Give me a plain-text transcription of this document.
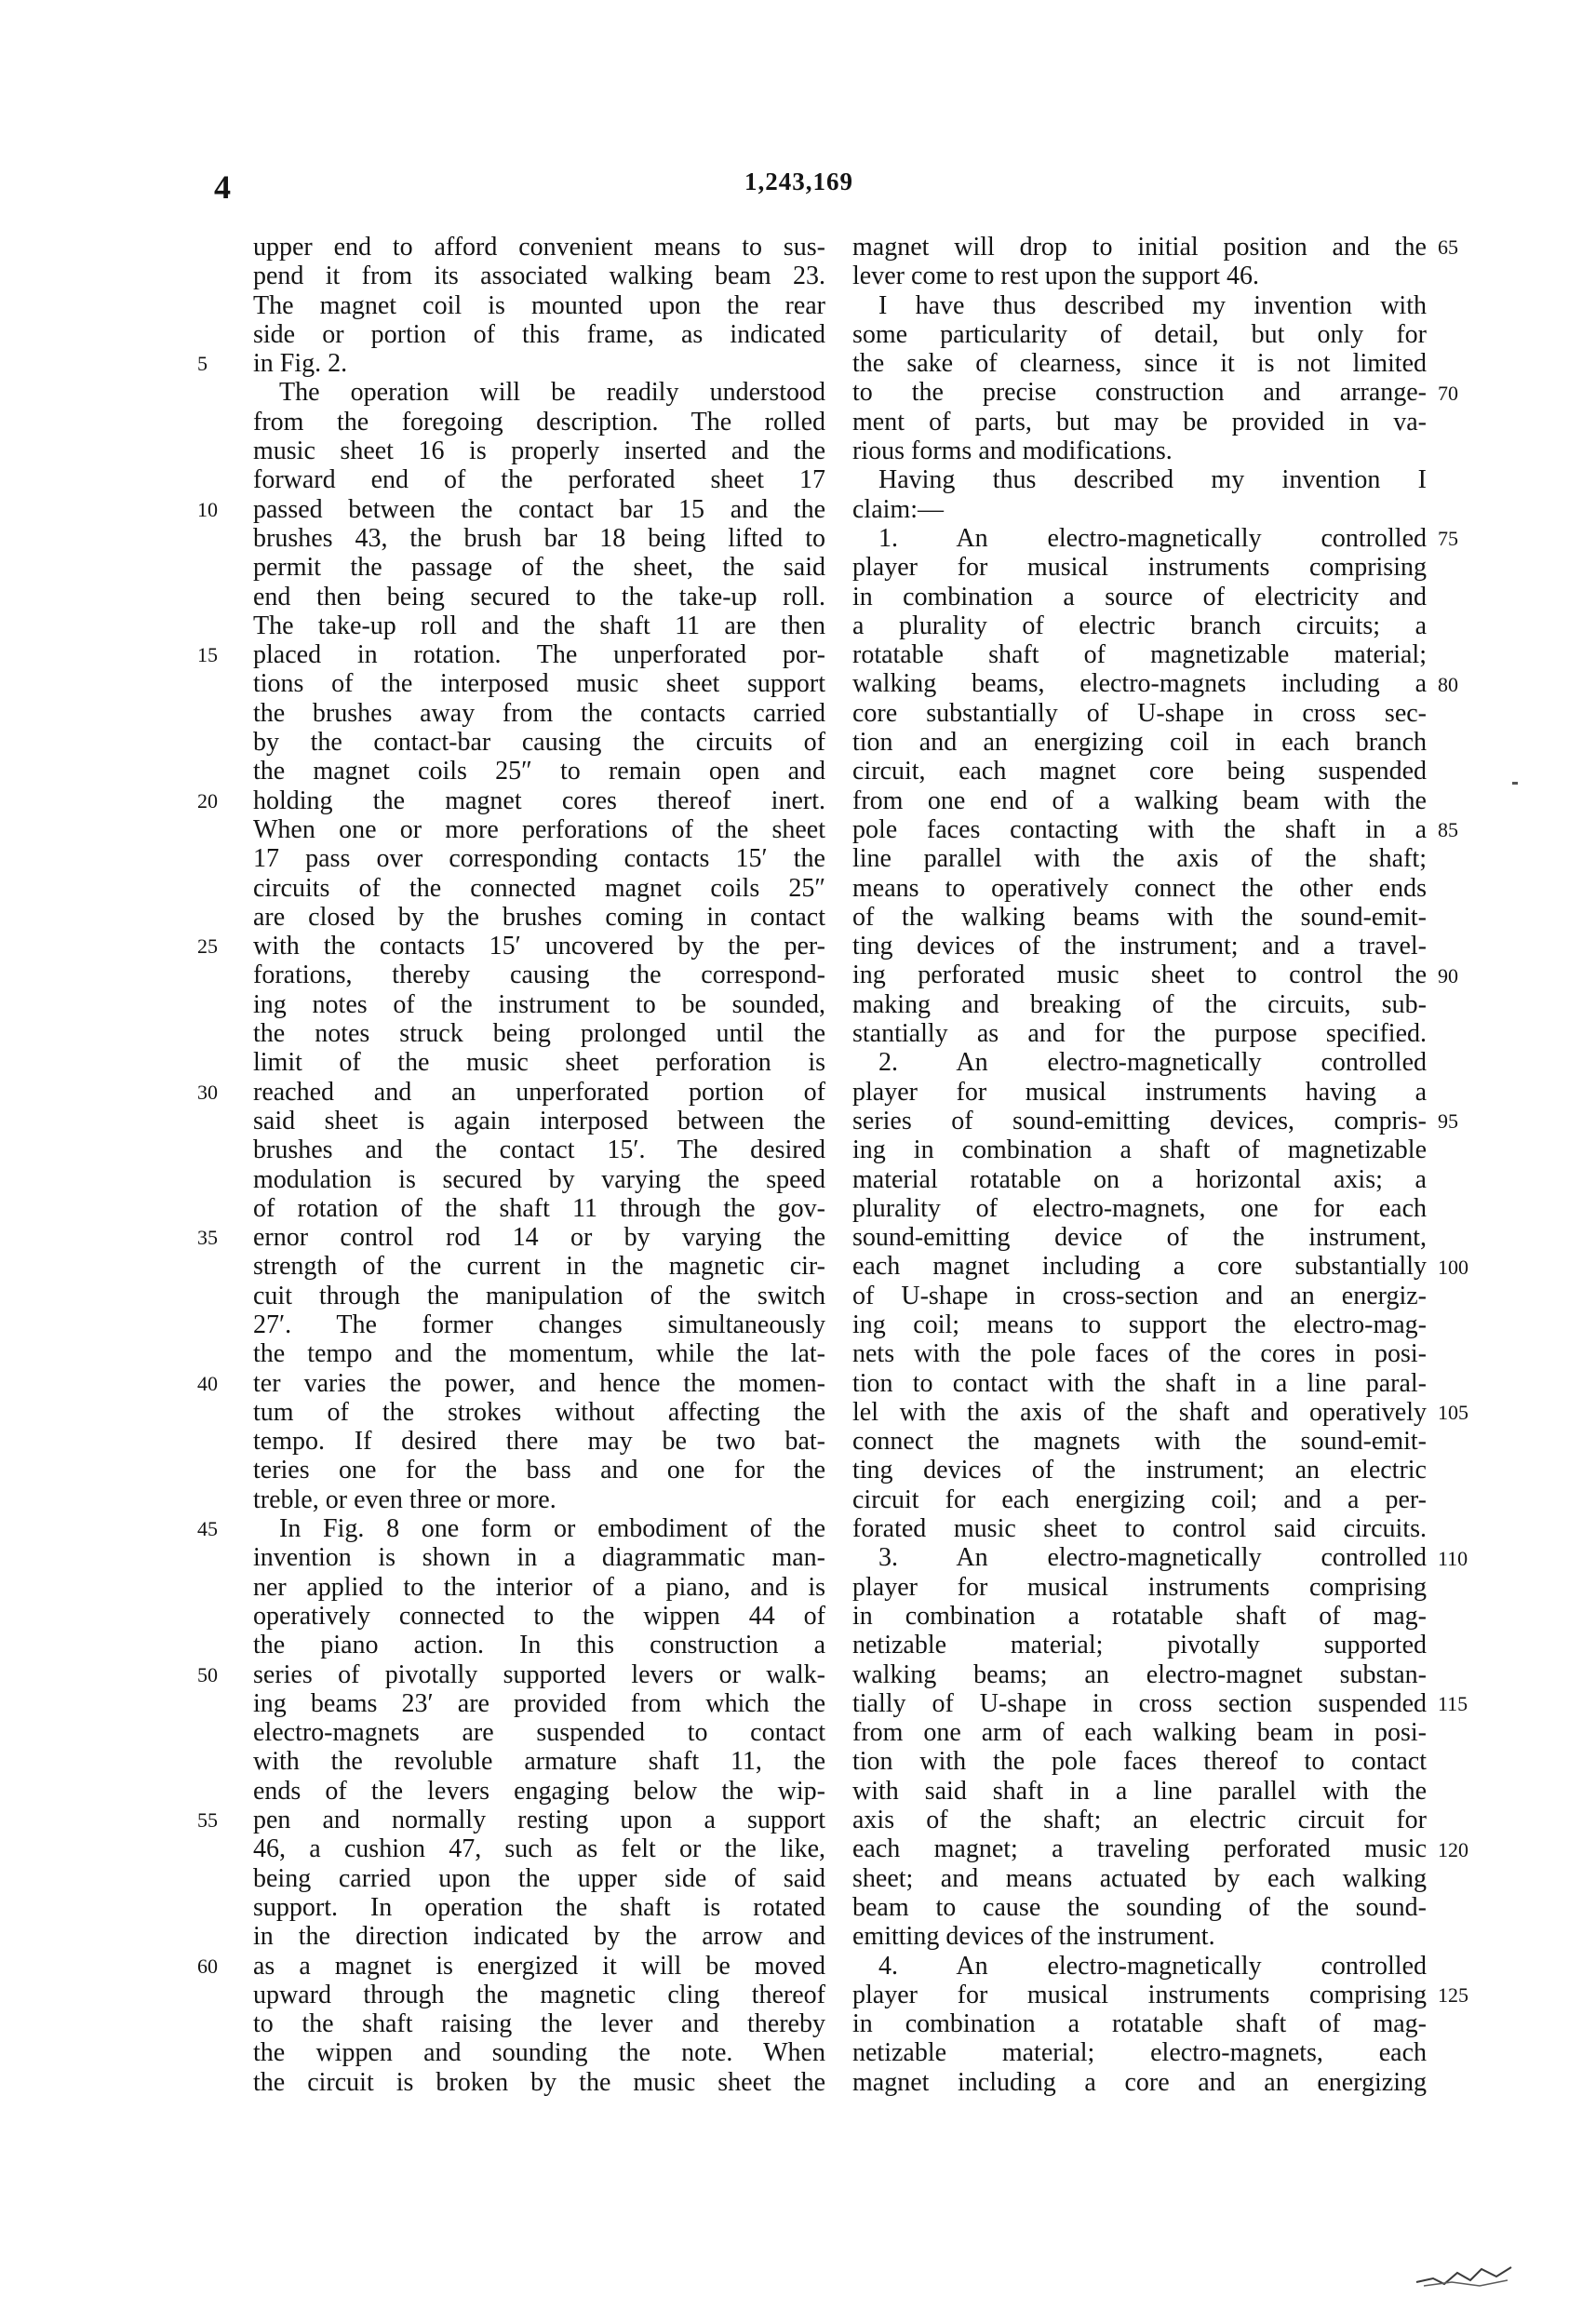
4	1,243,169
5
10
15
20
25
30
35
40
45
50
55
60
upper end to afford convenient means to sus-
pend it from its associated walking beam 23.
The magnet coil is mounted upon the rear
side or portion of this frame, as indicated
in Fig. 2.
The operation will be readily understood
from the foregoing description. The rolled
music sheet 16 is properly inserted and the
forward end of the perforated sheet 17
passed between the contact bar 15 and the
brushes 43, the brush bar 18 being lifted to
permit the passage of the sheet, the said
end then being secured to the take-up roll.
The take-up roll and the shaft 11 are then
placed in rotation. The unperforated por-
tions of the interposed music sheet support
the brushes away from the contacts carried
by the contact-bar causing the circuits of
the magnet coils 25″ to remain open and
holding the magnet cores thereof inert.
When one or more perforations of the sheet
17 pass over corresponding contacts 15′ the
circuits of the connected magnet coils 25″
are closed by the brushes coming in contact
with the contacts 15′ uncovered by the per-
forations, thereby causing the correspond-
ing notes of the instrument to be sounded,
the notes struck being prolonged until the
limit of the music sheet perforation is
reached and an unperforated portion of
said sheet is again interposed between the
brushes and the contact 15′. The desired
modulation is secured by varying the speed
of rotation of the shaft 11 through the gov-
ernor control rod 14 or by varying the
strength of the current in the magnetic cir-
cuit through the manipulation of the switch
27′. The former changes simultaneously
the tempo and the momentum, while the lat-
ter varies the power, and hence the momen-
tum of the strokes without affecting the
tempo. If desired there may be two bat-
teries one for the bass and one for the
treble, or even three or more.
In Fig. 8 one form or embodiment of the
invention is shown in a diagrammatic man-
ner applied to the interior of a piano, and is
operatively connected to the wippen 44 of
the piano action. In this construction a
series of pivotally supported levers or walk-
ing beams 23′ are provided from which the
electro-magnets are suspended to contact
with the revoluble armature shaft 11, the
ends of the levers engaging below the wip-
pen and normally resting upon a support
46, a cushion 47, such as felt or the like,
being carried upon the upper side of said
support. In operation the shaft is rotated
in the direction indicated by the arrow and
as a magnet is energized it will be moved
upward through the magnetic cling thereof
to the shaft raising the lever and thereby
the wippen and sounding the note. When
the circuit is broken by the music sheet the
magnet will drop to initial position and the
lever come to rest upon the support 46.
I have thus described my invention with
some particularity of detail, but only for
the sake of clearness, since it is not limited
to the precise construction and arrange-
ment of parts, but may be provided in va-
rious forms and modifications.
Having thus described my invention I
claim:—
1. An electro-magnetically controlled
player for musical instruments comprising
in combination a source of electricity and
a plurality of electric branch circuits; a
rotatable shaft of magnetizable material;
walking beams, electro-magnets including a
core substantially of U-shape in cross sec-
tion and an energizing coil in each branch
circuit, each magnet core being suspended
from one end of a walking beam with the
pole faces contacting with the shaft in a
line parallel with the axis of the shaft;
means to operatively connect the other ends
of the walking beams with the sound-emit-
ting devices of the instrument; and a travel-
ing perforated music sheet to control the
making and breaking of the circuits, sub-
stantially as and for the purpose specified.
2. An electro-magnetically controlled
player for musical instruments having a
series of sound-emitting devices, compris-
ing in combination a shaft of magnetizable
material rotatable on a horizontal axis; a
plurality of electro-magnets, one for each
sound-emitting device of the instrument,
each magnet including a core substantially
of U-shape in cross-section and an energiz-
ing coil; means to support the electro-mag-
nets with the pole faces of the cores in posi-
tion to contact with the shaft in a line paral-
lel with the axis of the shaft and operatively
connect the magnets with the sound-emit-
ting devices of the instrument; an electric
circuit for each energizing coil; and a per-
forated music sheet to control said circuits.
3. An electro-magnetically controlled
player for musical instruments comprising
in combination a rotatable shaft of mag-
netizable material; pivotally supported
walking beams; an electro-magnet substan-
tially of U-shape in cross section suspended
from one arm of each walking beam in posi-
tion with the pole faces thereof to contact
with said shaft in a line parallel with the
axis of the shaft; an electric circuit for
each magnet; a traveling perforated music
sheet; and means actuated by each walking
beam to cause the sounding of the sound-
emitting devices of the instrument.
4. An electro-magnetically controlled
player for musical instruments comprising
in combination a rotatable shaft of mag-
netizable material; electro-magnets, each
magnet including a core and an energizing
65
70
75
80
85
90
95
100
105
110
115
120
125
